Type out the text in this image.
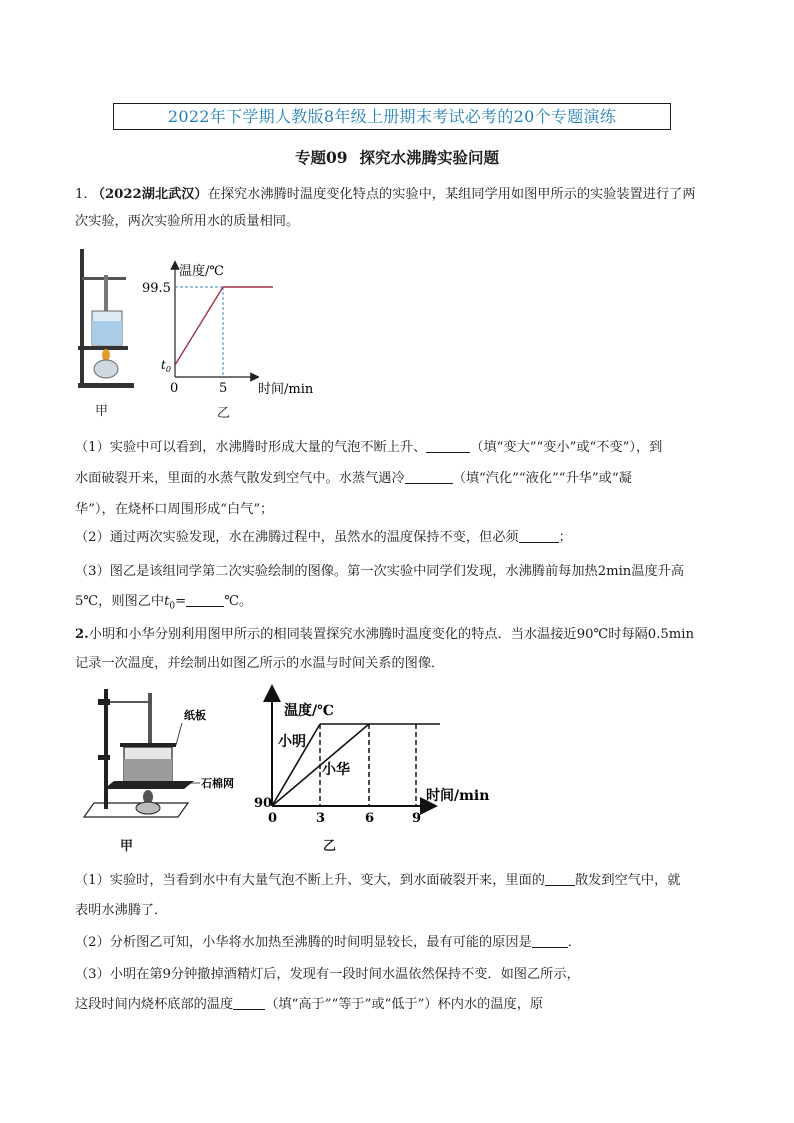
2022年下学期人教版8年级上册期末考试必考的20个专题演练
专题09 探究水沸腾实验问题
1. （2022湖北武汉）在探究水沸腾时温度变化特点的实验中，某组同学用如图甲所示的实验装置进行了两
次实验，两次实验所用水的质量相同。
甲
温度/℃
99.5
$t_0$
0	5 时间/min
乙
（1）实验中可以看到，水沸腾时形成大量的气泡不断上升、	（填“变大”“变小”或“不变”），到
水面破裂开来，里面的水蒸气散发到空气中。水蒸气遇冷	（填“汽化”“液化”“升华”或“凝
华”），在烧杯口周围形成“白气”；
（2）通过两次实验发现，水在沸腾过程中，虽然水的温度保持不变，但必须	；
（3）图乙是该组同学第二次实验绘制的图像。第一次实验中同学们发现，水沸腾前每加热2min温度升高
5℃，则图乙中$t_0=$	℃。
2.小明和小华分别利用图甲所示的相同装置探究水沸腾时温度变化的特点．当水温接近90℃时每隔0.5min
记录一次温度，并绘制出如图乙所示的水温与时间关系的图像．
纸板
石棉网
甲
温度/℃
小明
小华
90
0	3	6	9
时间/min
乙
（1）实验时，当看到水中有大量气泡不断上升、变大，到水面破裂开来，里面的 散发到空气中，就
表明水沸腾了．
（2）分析图乙可知，小华将水加热至沸腾的时间明显较长，最有可能的原因是	．
（3）小明在第9分钟撤掉酒精灯后，发现有一段时间水温依然保持不变．如图乙所示，
这段时间内烧杯底部的温度 （填“高于”“等于”或“低于”）杯内水的温度，原
